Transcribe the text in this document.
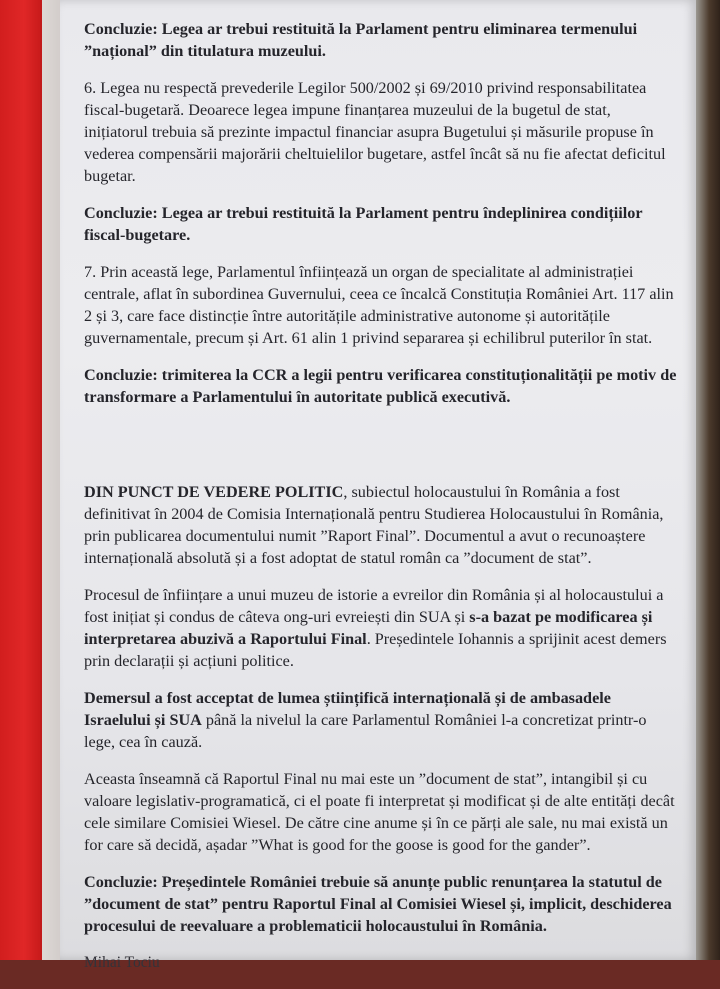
Concluzie: Legea ar trebui restituită la Parlament pentru eliminarea termenului ”național” din titulatura muzeului.

6. Legea nu respectă prevederile Legilor 500/2002 și 69/2010 privind responsabilitatea fiscal-bugetară. Deoarece legea impune finanțarea muzeului de la bugetul de stat, inițiatorul trebuia să prezinte impactul financiar asupra Bugetului și măsurile propuse în vederea compensării majorării cheltuielilor bugetare, astfel încât să nu fie afectat deficitul bugetar.

Concluzie: Legea ar trebui restituită la Parlament pentru îndeplinirea condițiilor fiscal-bugetare.

7. Prin această lege, Parlamentul înființează un organ de specialitate al administrației centrale, aflat în subordinea Guvernului, ceea ce încalcă Constituția României Art. 117 alin 2 și 3, care face distincție între autoritățile administrative autonome și autoritățile guvernamentale, precum și Art. 61 alin 1 privind separarea și echilibrul puterilor în stat.

Concluzie: trimiterea la CCR a legii pentru verificarea constituționalității pe motiv de transformare a Parlamentului în autoritate publică executivă.

DIN PUNCT DE VEDERE POLITIC, subiectul holocaustului în România a fost definitivat în 2004 de Comisia Internațională pentru Studierea Holocaustului în România, prin publicarea documentului numit ”Raport Final”. Documentul a avut o recunoaștere internațională absolută și a fost adoptat de statul român ca ”document de stat”.

Procesul de înființare a unui muzeu de istorie a evreilor din România și al holocaustului a fost inițiat și condus de câteva ong-uri evreiești din SUA și s-a bazat pe modificarea și interpretarea abuzivă a Raportului Final. Președintele Iohannis a sprijinit acest demers prin declarații și acțiuni politice.

Demersul a fost acceptat de lumea științifică internațională și de ambasadele Israelului și SUA până la nivelul la care Parlamentul României l-a concretizat printr-o lege, cea în cauză.

Aceasta înseamnă că Raportul Final nu mai este un ”document de stat”, intangibil și cu valoare legislativ-programatică, ci el poate fi interpretat și modificat și de alte entități decât cele similare Comisiei Wiesel. De către cine anume și în ce părți ale sale, nu mai există un for care să decidă, așadar ”What is good for the goose is good for the gander”.

Concluzie: Președintele României trebuie să anunțe public renunțarea la statutul de ”document de stat” pentru Raportul Final al Comisiei Wiesel și, implicit, deschiderea procesului de reevaluare a problematicii holocaustului în România.

Mihai Tociu
